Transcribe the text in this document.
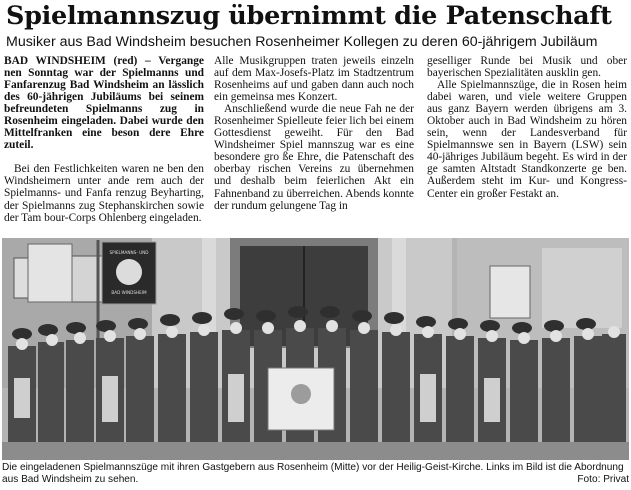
Spielmannszug übernimmt die Patenschaft
Musiker aus Bad Windsheim besuchen Rosenheimer Kollegen zu deren 60-jährigem Jubiläum

BAD WINDSHEIM (red) – Vergange nen Sonntag war der Spielmanns und Fanfarenzug Bad Windsheim an lässlich des 60-jährigen Jubiläums bei seinem befreundeten Spielmanns zug in Rosenheim eingeladen. Dabei wurde den Mittelfranken eine beson dere Ehre zuteil.

Bei den Festlichkeiten waren ne ben den Windsheimern unter ande rem auch der Spielmanns- und Fanfa renzug Beyharting, der Spielmanns zug Stephanskirchen sowie der Tam bour-Corps Ohlenberg eingeladen.

Alle Musikgruppen traten jeweils einzeln auf dem Max-Josefs-Platz im Stadtzentrum Rosenheims auf und gaben dann auch noch ein gemeinsa mes Konzert.

Anschließend wurde die neue Fah ne der Rosenheimer Spielleute feier lich bei einem Gottesdienst geweiht. Für den Bad Windsheimer Spiel mannszug war es eine besondere gro ße Ehre, die Patenschaft des oberbay rischen Vereins zu übernehmen und deshalb beim feierlichen Akt ein Fahnenband zu überreichen. Abends konnte der rundum gelungene Tag in

geselliger Runde bei Musik und ober bayerischen Spezialitäten ausklin gen.

Alle Spielmannszüge, die in Rosen heim dabei waren, und viele weitere Gruppen aus ganz Bayern werden übrigens am 3. Oktober auch in Bad Windsheim zu hören sein, wenn der Landesverband für Spielmannswe sen in Bayern (LSW) sein 40-jähriges Jubiläum begeht. Es wird in der ge samten Altstadt Standkonzerte ge ben. Außerdem steht im Kur- und Kongress-Center ein großer Festakt an.

SPIELMANNS- UND
BAD WINDSHEIM
Die eingeladenen Spielmannszüge mit ihren Gastgebern aus Rosenheim (Mitte) vor der Heilig-Geist-Kirche. Links im Bild ist die Abordnung aus Bad Windsheim zu sehen.	Foto: Privat
